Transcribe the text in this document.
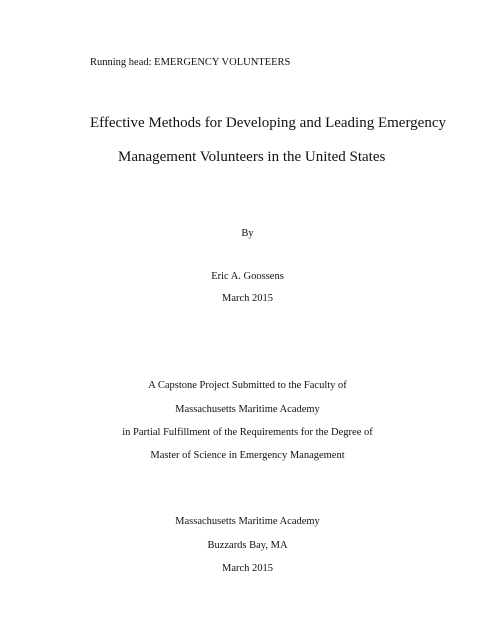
Running head: EMERGENCY VOLUNTEERS
Effective Methods for Developing and Leading Emergency
Management Volunteers in the United States
By
Eric A. Goossens
March 2015
A Capstone Project Submitted to the Faculty of
Massachusetts Maritime Academy
in Partial Fulfillment of the Requirements for the Degree of
Master of Science in Emergency Management
Massachusetts Maritime Academy
Buzzards Bay, MA
March 2015
